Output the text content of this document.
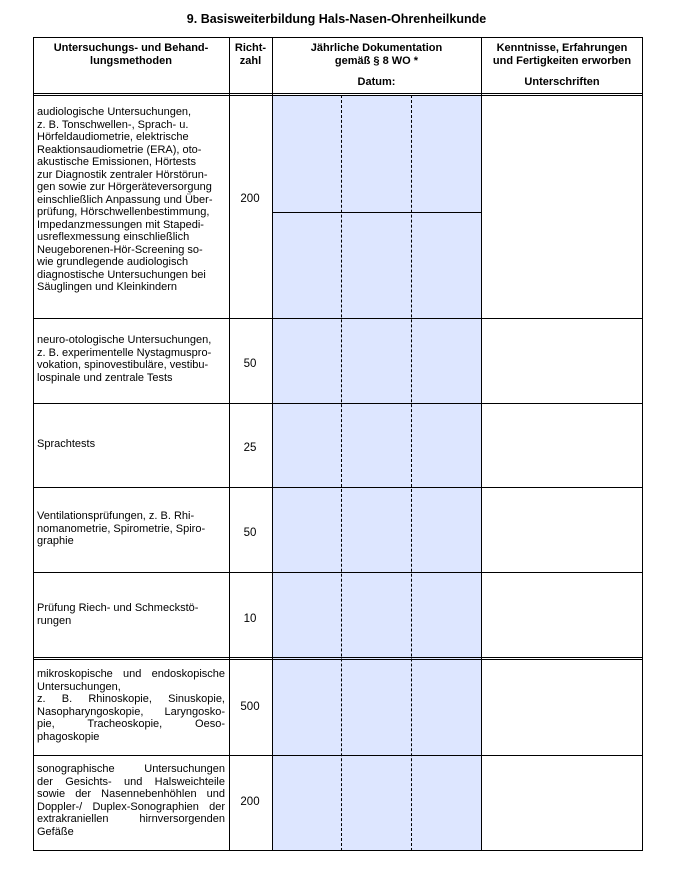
9. Basisweiterbildung Hals-Nasen-Ohrenheilkunde
Untersuchungs- und Behand-
lungsmethoden
Richt-
zahl
Jährliche Dokumentation
gemäß § 8 WO *
Datum:
Kenntnisse, Erfahrungen
und Fertigkeiten erworben
Unterschriften
audiologische Untersuchungen,
z. B. Tonschwellen-, Sprach- u.
Hörfeldaudiometrie, elektrische
Reaktionsaudiometrie (ERA), oto-
akustische Emissionen, Hörtests
zur Diagnostik zentraler Hörstörun-
gen sowie zur Hörgeräteversorgung
einschließlich Anpassung und Über-
prüfung, Hörschwellenbestimmung,
Impedanzmessungen mit Stapedi-
usreflexmessung einschließlich
Neugeborenen-Hör-Screening so-
wie grundlegende audiologisch
diagnostische Untersuchungen bei
Säuglingen und Kleinkindern
200
neuro-otologische Untersuchungen,
z. B. experimentelle Nystagmuspro-
vokation, spinovestibuläre, vestibu-
lospinale und zentrale Tests
50
Sprachtests	25
Ventilationsprüfungen, z. B. Rhi-
nomanometrie, Spirometrie, Spiro-
graphie
50
Prüfung Riech- und Schmeckstö-
rungen	10
mikroskopische und endoskopische
Untersuchungen,
z. B. Rhinoskopie, Sinuskopie,
Nasopharyngoskopie, Laryngosko-
pie, Tracheoskopie, Oeso-
phagoskopie
500
sonographische Untersuchungen
der Gesichts- und Halsweichteile
sowie der Nasennebenhöhlen und
Doppler-/ Duplex-Sonographien der
extrakraniellen hirnversorgenden
Gefäße
200
